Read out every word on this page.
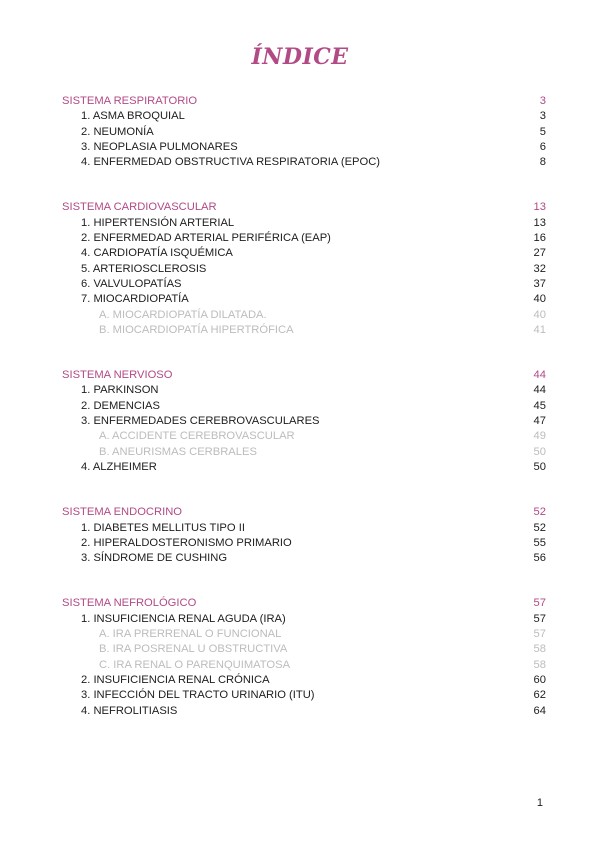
ÍNDICE
SISTEMA RESPIRATORIO	3
1. ASMA BROQUIAL	3
2. NEUMONÍA	5
3. NEOPLASIA PULMONARES	6
4. ENFERMEDAD OBSTRUCTIVA RESPIRATORIA (EPOC)	8
SISTEMA CARDIOVASCULAR	13
1. HIPERTENSIÓN ARTERIAL	13
2. ENFERMEDAD ARTERIAL PERIFÉRICA (EAP)	16
4. CARDIOPATÍA ISQUÉMICA	27
5. ARTERIOSCLEROSIS	32
6. VALVULOPATÍAS	37
7. MIOCARDIOPATÍA	40
A. MIOCARDIOPATÍA DILATADA.	40
B. MIOCARDIOPATÍA HIPERTRÓFICA	41
SISTEMA NERVIOSO	44
1. PARKINSON	44
2. DEMENCIAS	45
3. ENFERMEDADES CEREBROVASCULARES	47
A. ACCIDENTE CEREBROVASCULAR	49
B. ANEURISMAS CERBRALES	50
4. ALZHEIMER	50
SISTEMA ENDOCRINO	52
1. DIABETES MELLITUS TIPO II	52
2. HIPERALDOSTERONISMO PRIMARIO	55
3. SÍNDROME DE CUSHING	56
SISTEMA NEFROLÓGICO	57
1. INSUFICIENCIA RENAL AGUDA (IRA)	57
A. IRA PRERRENAL O FUNCIONAL	57
B. IRA POSRENAL U OBSTRUCTIVA	58
C. IRA RENAL O PARENQUIMATOSA	58
2. INSUFICIENCIA RENAL CRÓNICA	60
3. INFECCIÓN DEL TRACTO URINARIO (ITU)	62
4. NEFROLITIASIS	64
1
